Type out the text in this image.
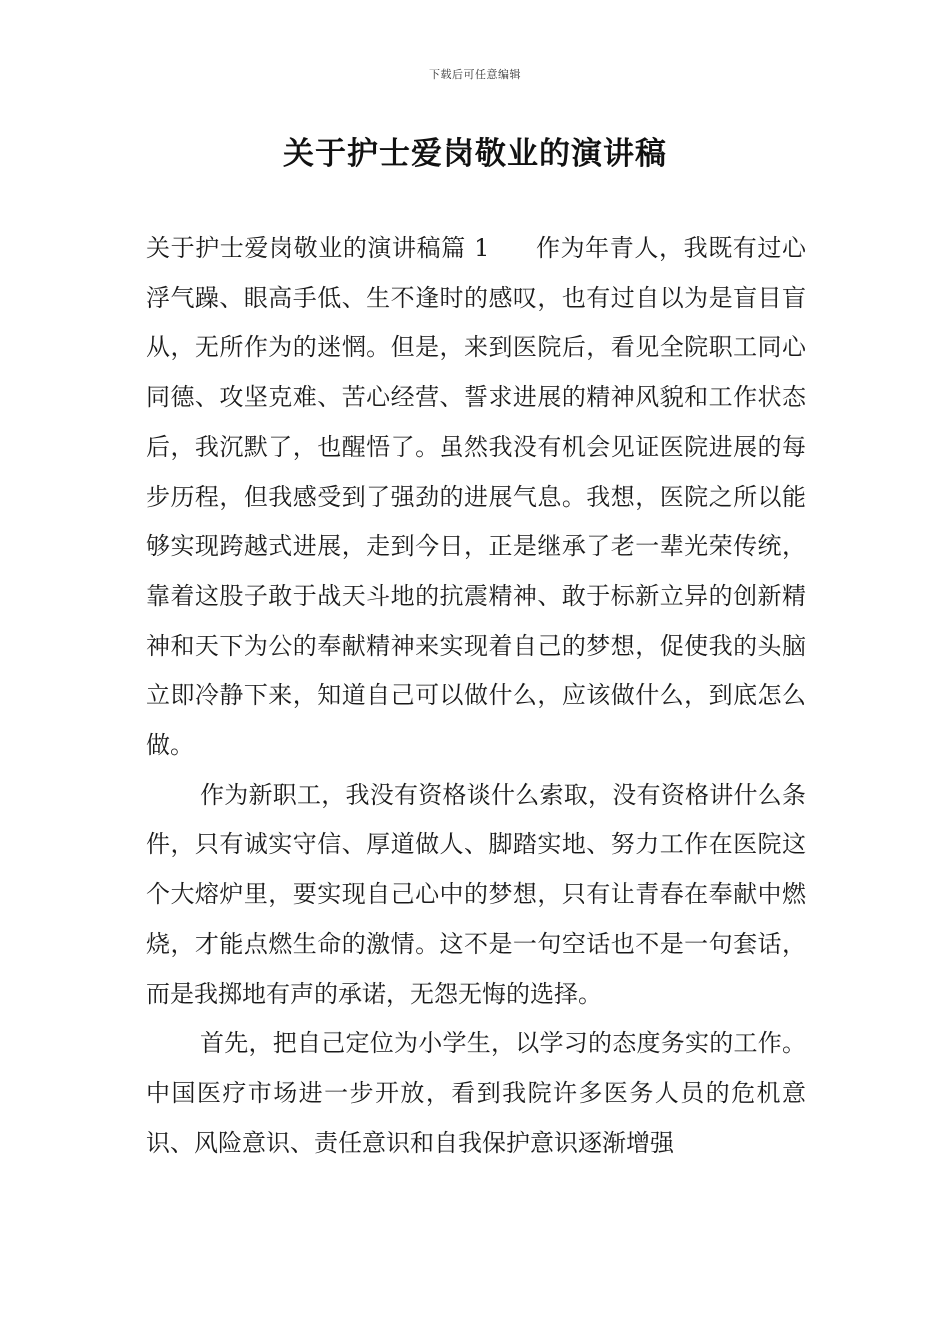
下载后可任意编辑
关于护士爱岗敬业的演讲稿

关于护士爱岗敬业的演讲稿篇 1 作为年青人，我既有过心浮气躁、眼高手低、生不逢时的感叹，也有过自以为是盲目盲从，无所作为的迷惘。但是，来到医院后，看见全院职工同心同德、攻坚克难、苦心经营、誓求进展的精神风貌和工作状态后，我沉默了，也醒悟了。虽然我没有机会见证医院进展的每步历程，但我感受到了强劲的进展气息。我想，医院之所以能够实现跨越式进展，走到今日，正是继承了老一辈光荣传统，靠着这股子敢于战天斗地的抗震精神、敢于标新立异的创新精神和天下为公的奉献精神来实现着自己的梦想，促使我的头脑立即冷静下来，知道自己可以做什么，应该做什么，到底怎么做。

作为新职工，我没有资格谈什么索取，没有资格讲什么条件，只有诚实守信、厚道做人、脚踏实地、努力工作在医院这个大熔炉里，要实现自己心中的梦想，只有让青春在奉献中燃烧，才能点燃生命的激情。这不是一句空话也不是一句套话，而是我掷地有声的承诺，无怨无悔的选择。

首先，把自己定位为小学生，以学习的态度务实的工作。中国医疗市场进一步开放，看到我院许多医务人员的危机意识、风险意识、责任意识和自我保护意识逐渐增强
